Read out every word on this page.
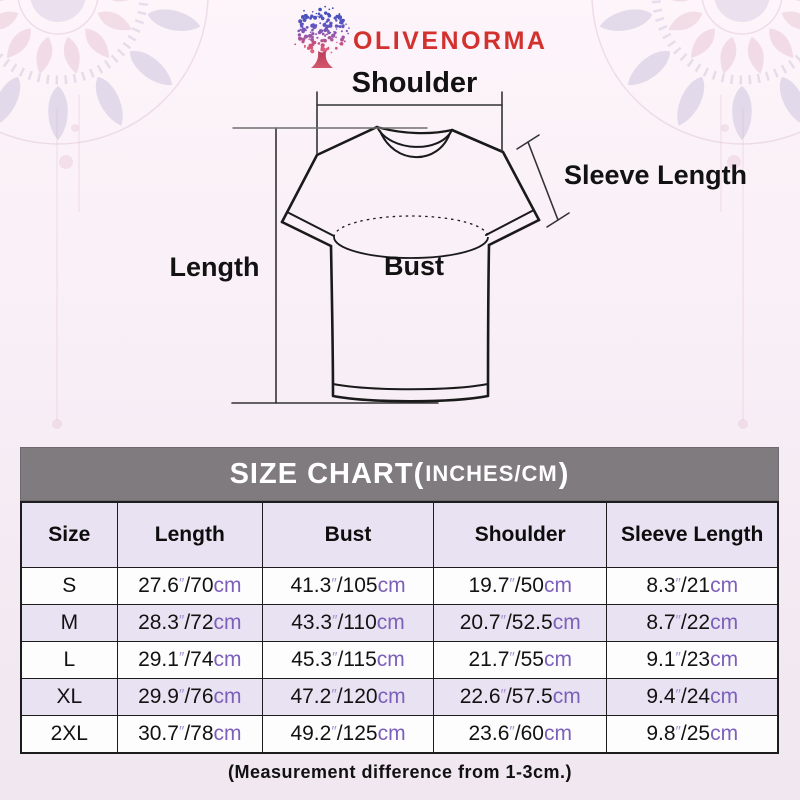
OLIVENORMA
Shoulder
Sleeve Length
Length	Bust
SIZE CHART( INCHES/CM )
Size	Length	Bust	Shoulder	Sleeve Length
S	27.6″/70cm	41.3″/105cm	19.7″/50cm	8.3″/21cm
M	28.3″/72cm	43.3″/110cm	20.7″/52.5cm	8.7″/22cm
L	29.1″/74cm	45.3″/115cm	21.7″/55cm	9.1″/23cm
XL	29.9″/76cm	47.2″/120cm	22.6″/57.5cm	9.4″/24cm
2XL	30.7″/78cm	49.2″/125cm	23.6″/60cm	9.8″/25cm
(Measurement difference from 1-3cm.)
